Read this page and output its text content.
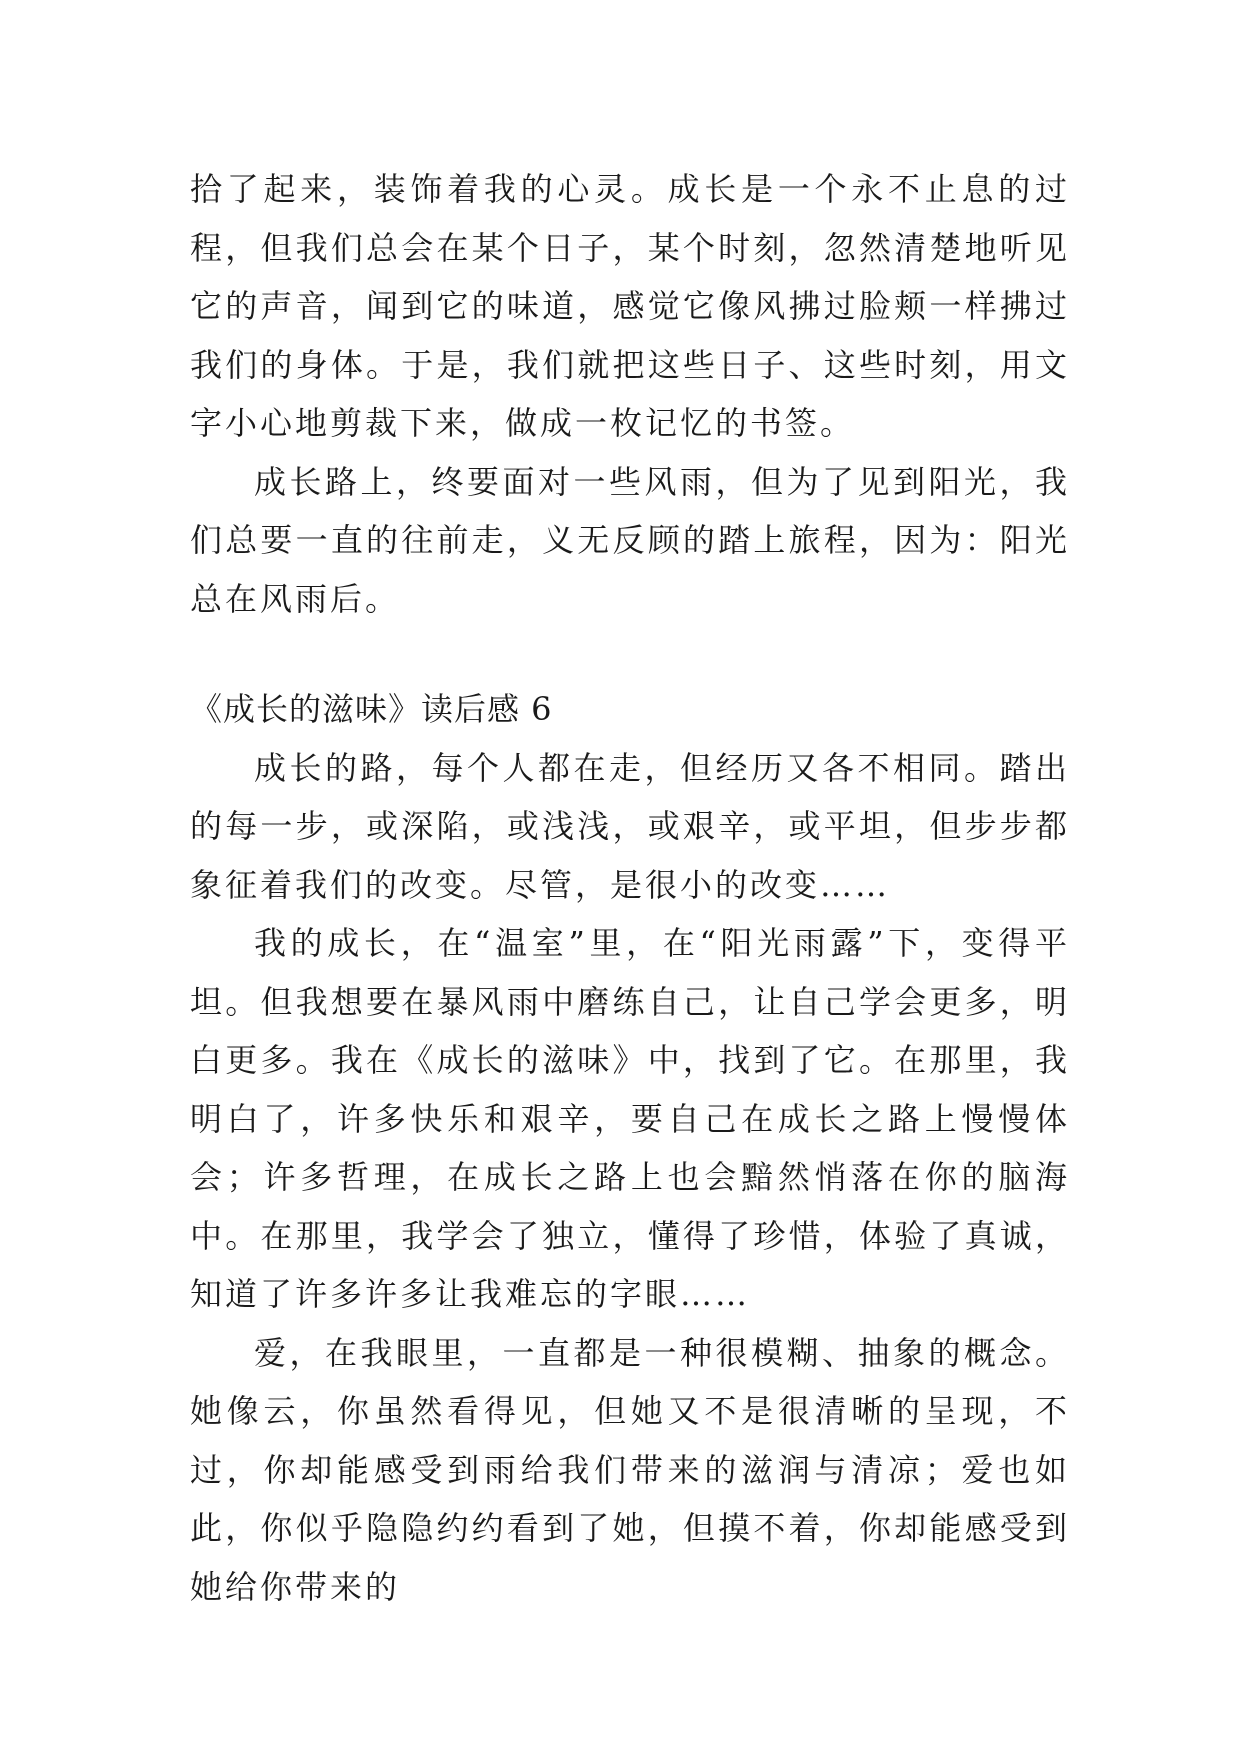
拾了起来，装饰着我的心灵。成长是一个永不止息的过程，但我们总会在某个日子，某个时刻，忽然清楚地听见它的声音，闻到它的味道，感觉它像风拂过脸颊一样拂过我们的身体。于是，我们就把这些日子、这些时刻，用文字小心地剪裁下来，做成一枚记忆的书签。

成长路上，终要面对一些风雨，但为了见到阳光，我们总要一直的往前走，义无反顾的踏上旅程，因为：阳光总在风雨后。

《成长的滋味》读后感 6

成长的路，每个人都在走，但经历又各不相同。踏出的每一步，或深陷，或浅浅，或艰辛，或平坦，但步步都象征着我们的改变。尽管，是很小的改变……

我的成长，在“温室”里，在“阳光雨露”下，变得平坦。但我想要在暴风雨中磨练自己，让自己学会更多，明白更多。我在《成长的滋味》中，找到了它。在那里，我明白了，许多快乐和艰辛，要自己在成长之路上慢慢体会；许多哲理，在成长之路上也会黯然悄落在你的脑海中。在那里，我学会了独立，懂得了珍惜，体验了真诚，知道了许多许多让我难忘的字眼……

爱，在我眼里，一直都是一种很模糊、抽象的概念。她像云，你虽然看得见，但她又不是很清晰的呈现，不过，你却能感受到雨给我们带来的滋润与清凉；爱也如此，你似乎隐隐约约看到了她，但摸不着，你却能感受到她给你带来的
